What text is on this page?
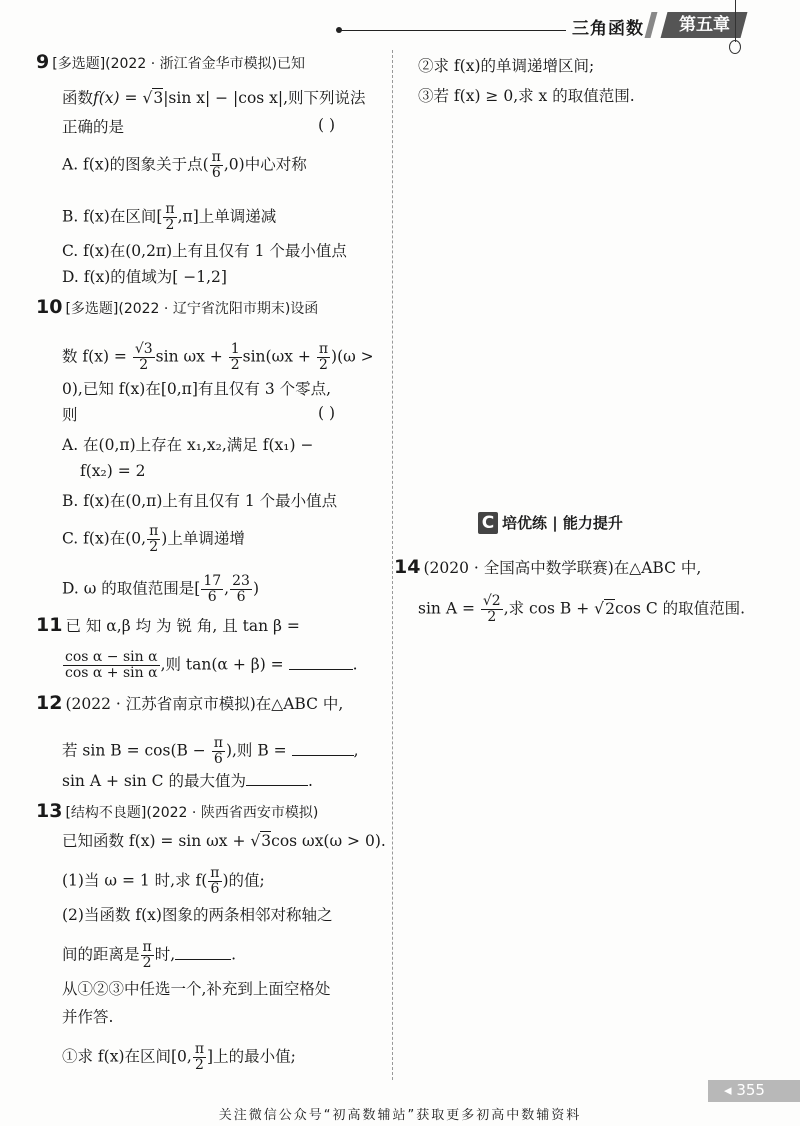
三角函数	第五章
9 [多选题](2022 · 浙江省金华市模拟)已知
函数f(x) = √3|sin x| − |cos x|,则下列说法
正确的是	( )
A. f(x)的图象关于点( $\frac{\pi}{6} ,0$)中心对称
B. f(x)在区间[ $\frac{\pi}{2} ,\pi$]上单调递减
C. f(x)在(0,2π)上有且仅有 1 个最小值点
D. f(x)的值域为[ −1,2]
10 [多选题](2022 · 辽宁省沈阳市期末)设函
数 $f(x) = \frac{√3}{2}$ $\sin \omega x + \frac{1}{2} \sin(\omega x + \frac{\pi}{2} )(\omega$ >
0),已知 f(x)在[0,π]有且仅有 3 个零点,
则	( )
A. 在(0,π)上存在 x₁,x₂,满足 f(x₁) −
f(x₂) = 2
B. f(x)在(0,π)上有且仅有 1 个最小值点
C. f(x)在(0, $\frac{\pi}{2}$ )上单调递增
D. ω 的取值范围是[ $\frac{17}{6}$ , $\frac{23}{6}$ )
11 已 知 α,β 均 为 锐 角, 且 tan β =
$\frac{\text{cos α − sin α}}{\text{cos α + sin α}}$ ,则 tan(α + β) =	.
12 (2022 · 江苏省南京市模拟)在△ABC 中,
若 $\sin B = \cos(B - \frac{\pi}{6}$ ),则 B =	,
sin A + sin C 的最大值为	.
13 [结构不良题](2022 · 陕西省西安市模拟)
已知函数 f(x) = sin ωx + √3cos ωx(ω > 0).
(1)当 ω = 1 时,求 $f( \frac{\pi}{6}$ )的值;
(2)当函数 f(x)图象的两条相邻对称轴之
间的距离是 $\frac{\pi}{2}$ 时,	.
从①②③中任选一个,补充到上面空格处
并作答.
①求 f(x)在区间[0, $\frac{\pi}{2}$ ]上的最小值;
②求 f(x)的单调递增区间;
③若 f(x) ≥ 0,求 x 的取值范围.
C 培优练 | 能力提升
14 (2020 · 全国高中数学联赛)在△ABC 中,
$\sin A = \frac{√2}{2}$ ,求 cos B + √2cos C 的取值范围.
◂ 355
关注微信公众号“初高数辅站”获取更多初高中数辅资料
